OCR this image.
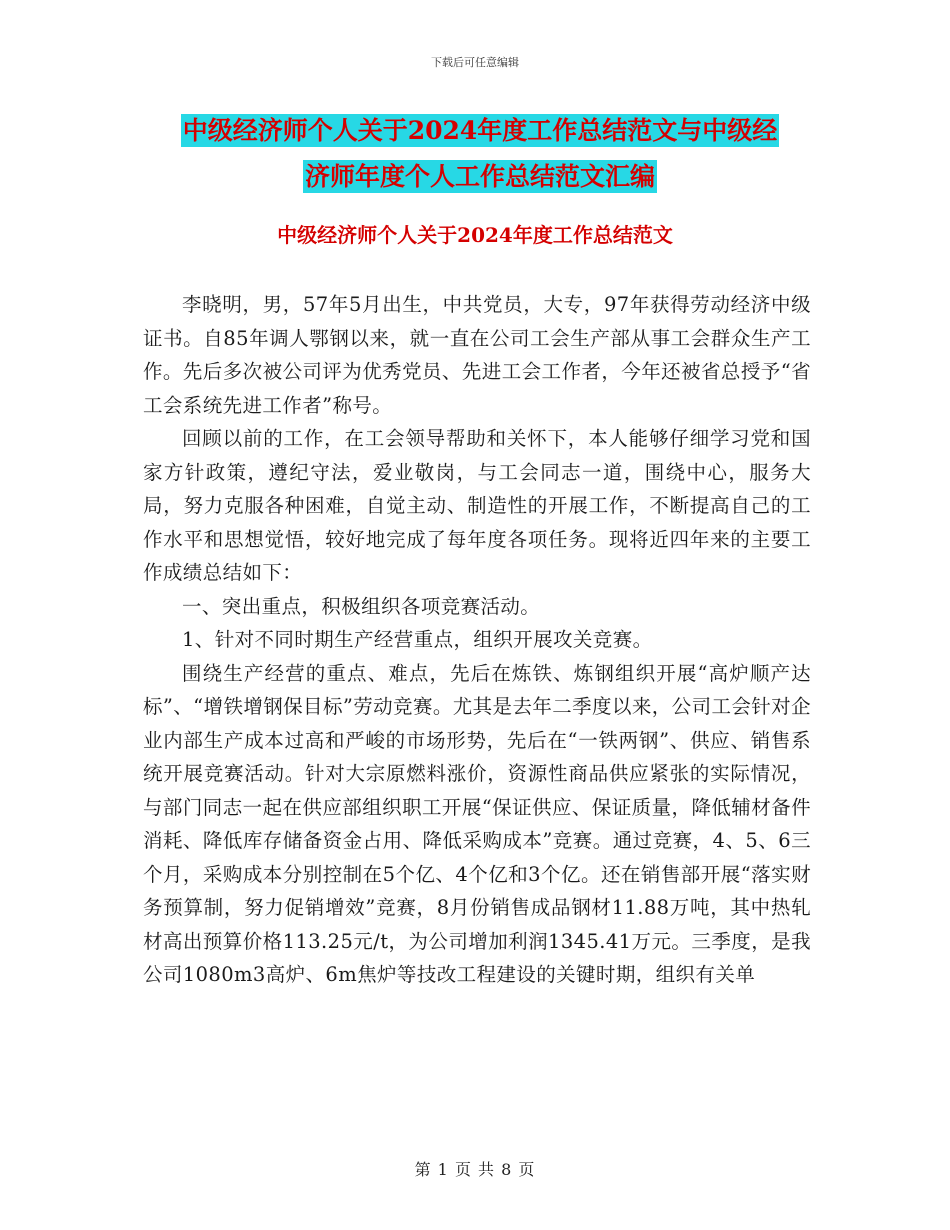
下载后可任意编辑
中级经济师个人关于2024年度工作总结范文与中级经
济师年度个人工作总结范文汇编
中级经济师个人关于2024年度工作总结范文

李晓明，男，57年5月出生，中共党员，大专，97年获得劳动经济中级证书。自85年调人鄂钢以来，就一直在公司工会生产部从事工会群众生产工作。先后多次被公司评为优秀党员、先进工会工作者，今年还被省总授予“省工会系统先进工作者”称号。

回顾以前的工作，在工会领导帮助和关怀下，本人能够仔细学习党和国家方针政策，遵纪守法，爱业敬岗，与工会同志一道，围绕中心，服务大局，努力克服各种困难，自觉主动、制造性的开展工作，不断提高自己的工作水平和思想觉悟，较好地完成了每年度各项任务。现将近四年来的主要工作成绩总结如下：

一、突出重点，积极组织各项竞赛活动。

1、针对不同时期生产经营重点，组织开展攻关竞赛。

围绕生产经营的重点、难点，先后在炼铁、炼钢组织开展“高炉顺产达标”、“增铁增钢保目标”劳动竞赛。尤其是去年二季度以来，公司工会针对企业内部生产成本过高和严峻的市场形势，先后在“一铁两钢”、供应、销售系统开展竞赛活动。针对大宗原燃料涨价，资源性商品供应紧张的实际情况，与部门同志一起在供应部组织职工开展“保证供应、保证质量，降低辅材备件消耗、降低库存储备资金占用、降低采购成本”竞赛。通过竞赛，4、5、6三个月，采购成本分别控制在5个亿、4个亿和3个亿。还在销售部开展“落实财务预算制，努力促销增效”竞赛，8月份销售成品钢材11.88万吨，其中热轧材高出预算价格113.25元/t，为公司增加利润1345.41万元。三季度，是我公司1080m3高炉、6m焦炉等技改工程建设的关键时期，组织有关单

第 1 页 共 8 页
